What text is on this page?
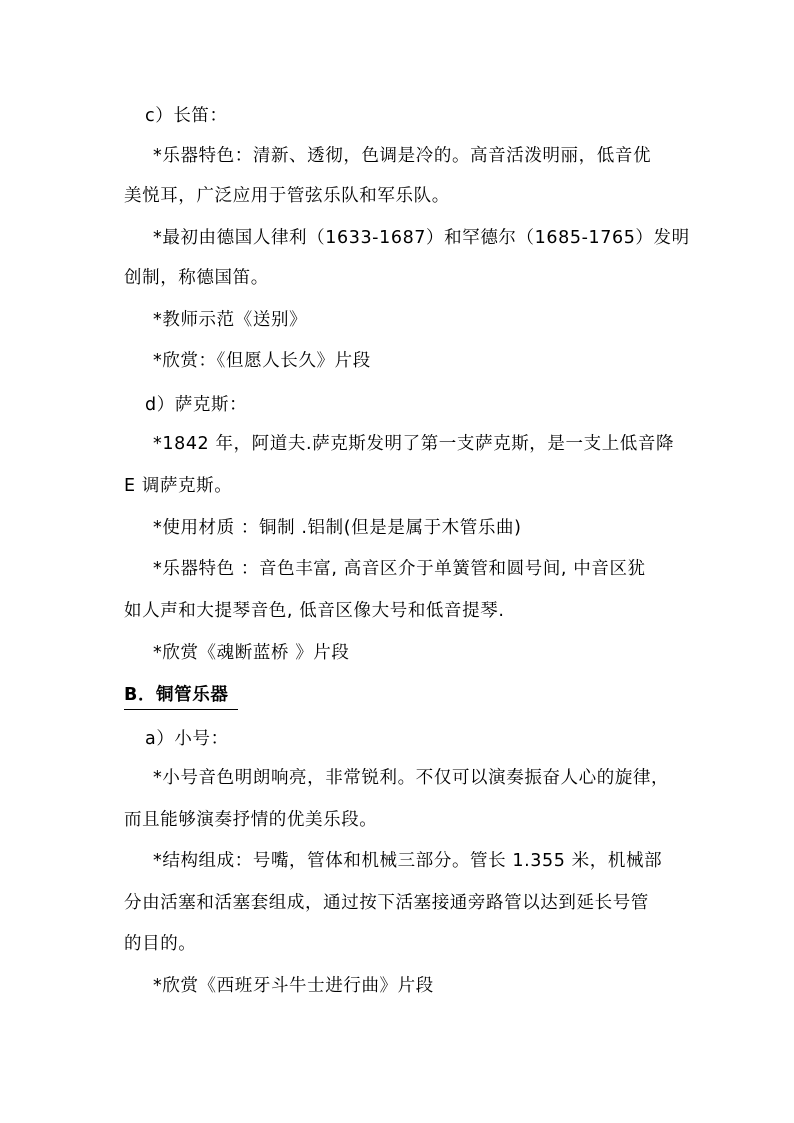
c）长笛：
*乐器特色：清新、透彻，色调是冷的。高音活泼明丽，低音优
美悦耳，广泛应用于管弦乐队和军乐队。
*最初由德国人律利（1633-1687）和罕德尔（1685-1765）发明
创制，称德国笛。
*教师示范《送别》
*欣赏：《但愿人长久》片段
d）萨克斯：
*1842 年，阿道夫.萨克斯发明了第一支萨克斯，是一支上低音降
E 调萨克斯。
*使用材质 ：铜制 .铝制(但是是属于木管乐曲)
*乐器特色 ：音色丰富, 高音区介于单簧管和圆号间, 中音区犹
如人声和大提琴音色, 低音区像大号和低音提琴.
*欣赏《魂断蓝桥 》片段
B．铜管乐器
a）小号：
*小号音色明朗响亮，非常锐利。不仅可以演奏振奋人心的旋律，
而且能够演奏抒情的优美乐段。
*结构组成：号嘴，管体和机械三部分。管长 1.355 米，机械部
分由活塞和活塞套组成，通过按下活塞接通旁路管以达到延长号管
的目的。
*欣赏《西班牙斗牛士进行曲》片段
